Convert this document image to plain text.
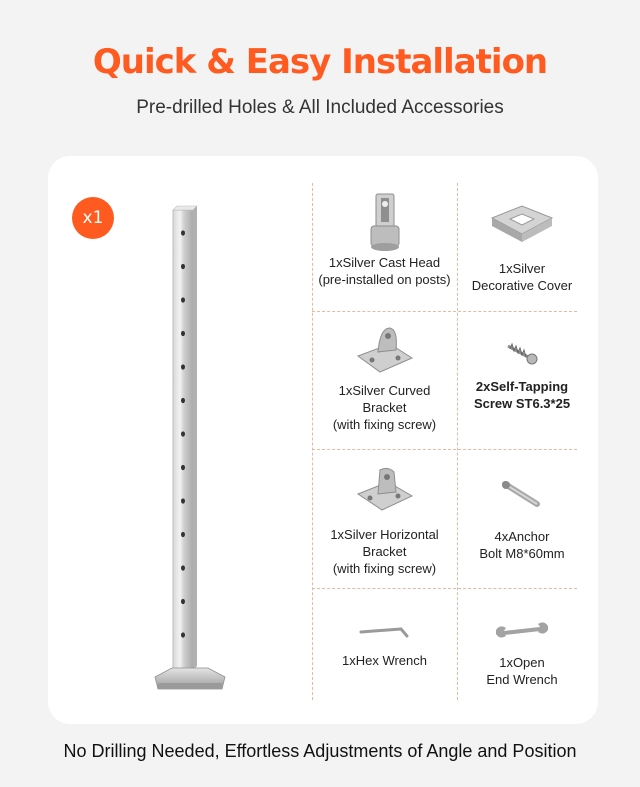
Quick & Easy Installation
Pre-drilled Holes & All Included Accessories
x1
1xSilver Cast Head
(pre-installed on posts)
1xSilver
Decorative Cover
1xSilver Curved
Bracket
(with fixing screw)
2xSelf-Tapping
Screw ST6.3*25
1xSilver Horizontal
Bracket
(with fixing screw)
4xAnchor
Bolt M8*60mm
1xHex Wrench	1xOpen
End Wrench
No Drilling Needed, Effortless Adjustments of Angle and Position
